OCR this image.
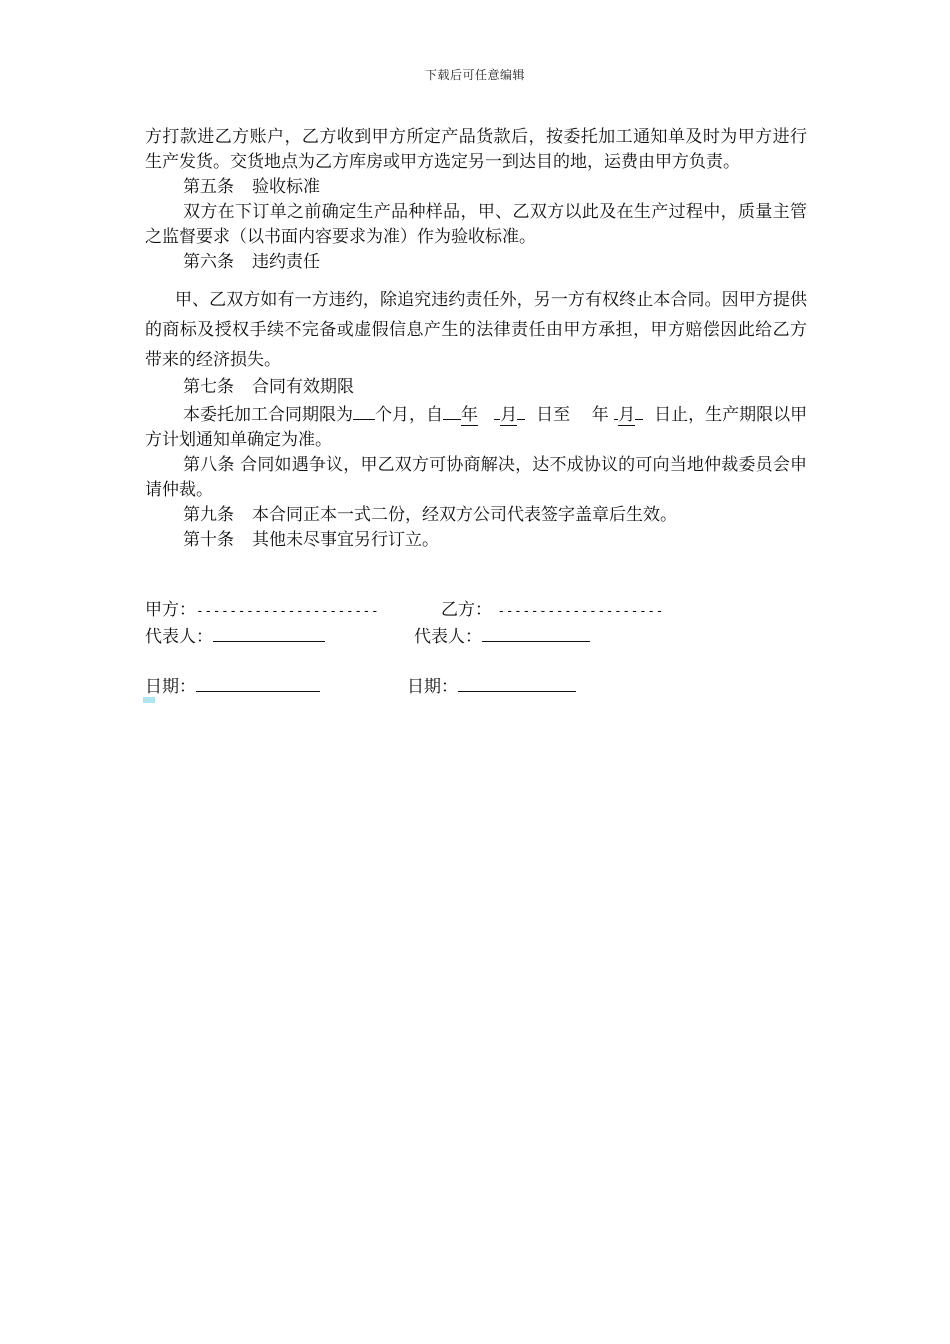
下载后可任意编辑

方打款进乙方账户，乙方收到甲方所定产品货款后，按委托加工通知单及时为甲方进行生产发货。交货地点为乙方库房或甲方选定另一到达目的地，运费由甲方负责。

第五条 验收标准

双方在下订单之前确定生产品种样品，甲、乙双方以此及在生产过程中，质量主管之监督要求（以书面内容要求为准）作为验收标准。

第六条 违约责任

甲、乙双方如有一方违约，除追究违约责任外，另一方有权终止本合同。因甲方提供的商标及授权手续不完备或虚假信息产生的法律责任由甲方承担，甲方赔偿因此给乙方带来的经济损失。

第七条 合同有效期限

本委托加工合同期限为 个月，自 年 月 日至 年 月 日止，生产期限以甲方计划通知单确定为准。

第八条 合同如遇争议，甲乙双方可协商解决，达不成协议的可向当地仲裁委员会申请仲裁。

第九条 本合同正本一式二份，经双方公司代表签字盖章后生效。

第十条 其他未尽事宜另行订立。

甲方：----------------------	乙方： --------------------
代表人：	代表人：
日期：	日期：
